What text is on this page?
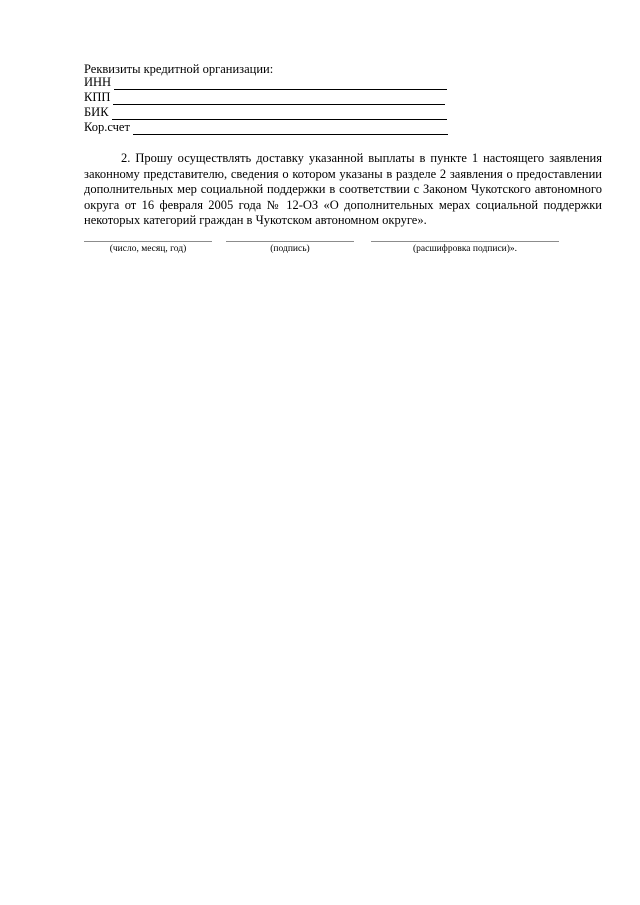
Реквизиты кредитной организации:
ИНН
КПП
БИК
Кор.счет

2. Прошу осуществлять доставку указанной выплаты в пункте 1 настоящего заявления законному представителю, сведения о котором указаны в разделе 2 заявления о предоставлении дополнительных мер социальной поддержки в соответствии с Законом Чукотского автономного округа от 16 февраля 2005 года № 12-ОЗ «О дополнительных мерах социальной поддержки некоторых категорий граждан в Чукотском автономном округе».

(число, месяц, год)	(подпись)	(расшифровка подписи)».
